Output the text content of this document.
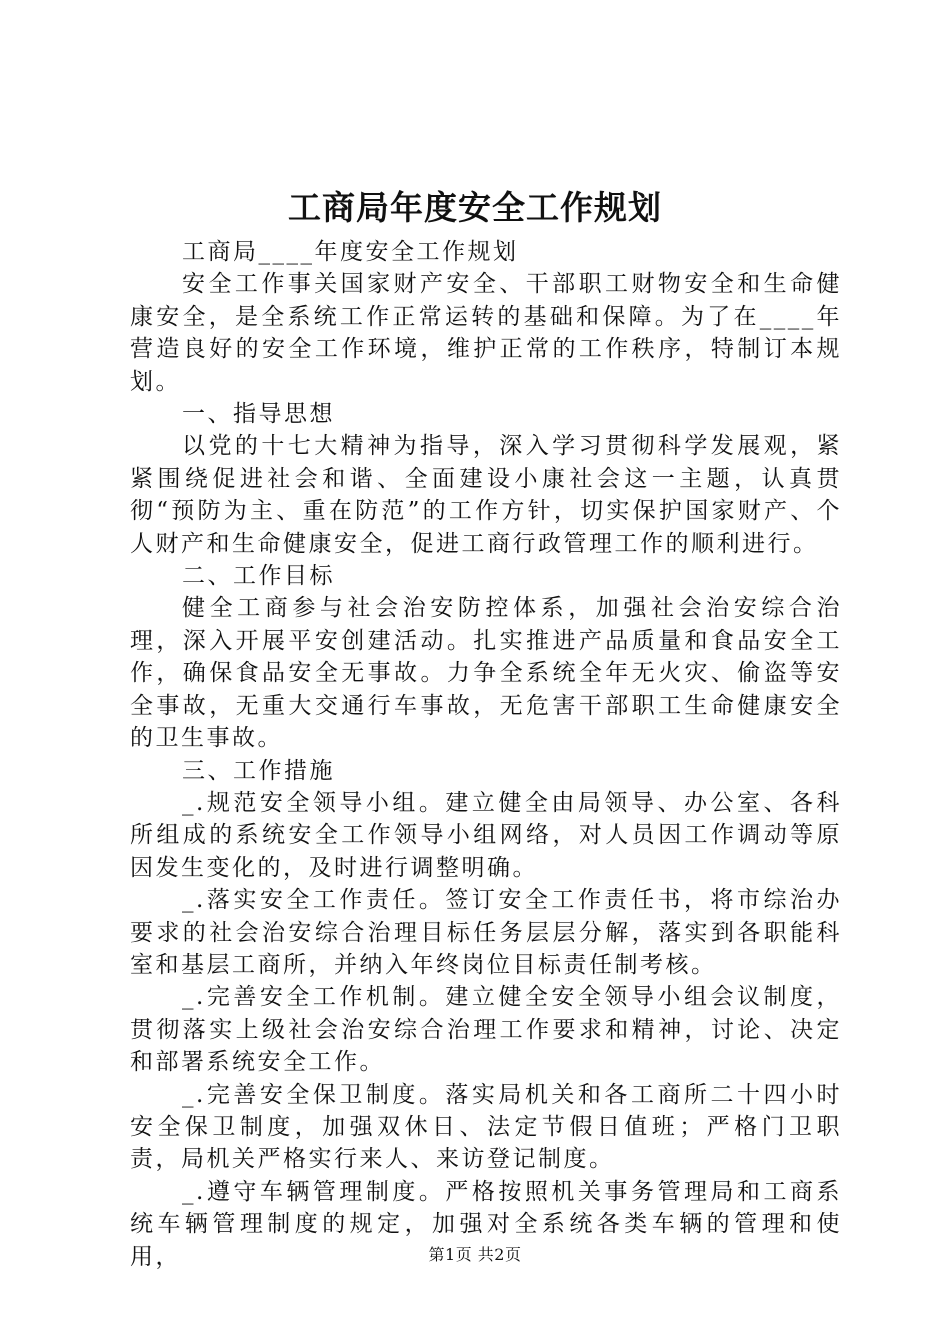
工商局年度安全工作规划

工商局____年度安全工作规划

安全工作事关国家财产安全、干部职工财物安全和生命健康安全，是全系统工作正常运转的基础和保障。为了在____年营造良好的安全工作环境，维护正常的工作秩序，特制订本规划。

一、指导思想

以党的十七大精神为指导，深入学习贯彻科学发展观，紧紧围绕促进社会和谐、全面建设小康社会这一主题，认真贯彻“预防为主、重在防范”的工作方针，切实保护国家财产、个人财产和生命健康安全，促进工商行政管理工作的顺利进行。

二、工作目标

健全工商参与社会治安防控体系，加强社会治安综合治理，深入开展平安创建活动。扎实推进产品质量和食品安全工作，确保食品安全无事故。力争全系统全年无火灾、偷盗等安全事故，无重大交通行车事故，无危害干部职工生命健康安全的卫生事故。

三、工作措施

_.规范安全领导小组。建立健全由局领导、办公室、各科所组成的系统安全工作领导小组网络，对人员因工作调动等原因发生变化的，及时进行调整明确。

_.落实安全工作责任。签订安全工作责任书，将市综治办要求的社会治安综合治理目标任务层层分解，落实到各职能科室和基层工商所，并纳入年终岗位目标责任制考核。

_.完善安全工作机制。建立健全安全领导小组会议制度，贯彻落实上级社会治安综合治理工作要求和精神，讨论、决定和部署系统安全工作。

_.完善安全保卫制度。落实局机关和各工商所二十四小时安全保卫制度，加强双休日、法定节假日值班；严格门卫职责，局机关严格实行来人、来访登记制度。

_.遵守车辆管理制度。严格按照机关事务管理局和工商系统车辆管理制度的规定，加强对全系统各类车辆的管理和使用，	第1页 共2页
